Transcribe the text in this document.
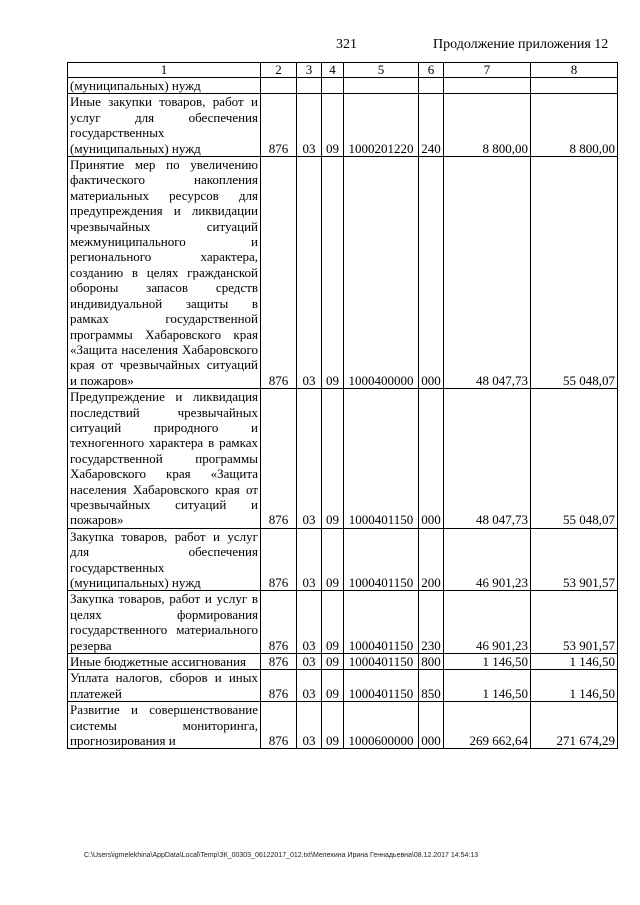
321	Продолжение приложения 12
1	2	3	4	5	6	7	8

(муниципальных) нужд							

Иные закупки товаров, работ и услуг для обеспечения государственных (муниципальных) нужд	876	03	09	1000201220	240	8 800,00	8 800,00

Принятие мер по увеличению фактического накопления материальных ресурсов для предупреждения и ликвидации чрезвычайных ситуаций межмуниципального и регионального характера, созданию в целях гражданской обороны запасов средств индивидуальной защиты в рамках государственной программы Хабаровского края «Защита населения Хабаровского края от чрезвычайных ситуаций и пожаров»	876	03	09	1000400000	000	48 047,73	55 048,07

Предупреждение и ликвидация последствий чрезвычайных ситуаций природного и техногенного характера в рамках государственной программы Хабаровского края «Защита населения Хабаровского края от чрезвычайных ситуаций и пожаров»	876	03	09	1000401150	000	48 047,73	55 048,07

Закупка товаров, работ и услуг для обеспечения государственных (муниципальных) нужд	876	03	09	1000401150	200	46 901,23	53 901,57

Закупка товаров, работ и услуг в целях формирования государственного материального резерва	876	03	09	1000401150	230	46 901,23	53 901,57

Иные бюджетные ассигнования	876	03	09	1000401150	800	1 146,50	1 146,50

Уплата налогов, сборов и иных платежей	876	03	09	1000401150	850	1 146,50	1 146,50

Развитие и совершенствование системы мониторинга, прогнозирования и	876	03	09	1000600000	000	269 662,64	271 674,29
C:\Users\igmelekhina\AppData\Local\Temp\ЗК_00303_06122017_012.txt\Мелехина Ирина Геннадьевна\08.12.2017 14:54:13
